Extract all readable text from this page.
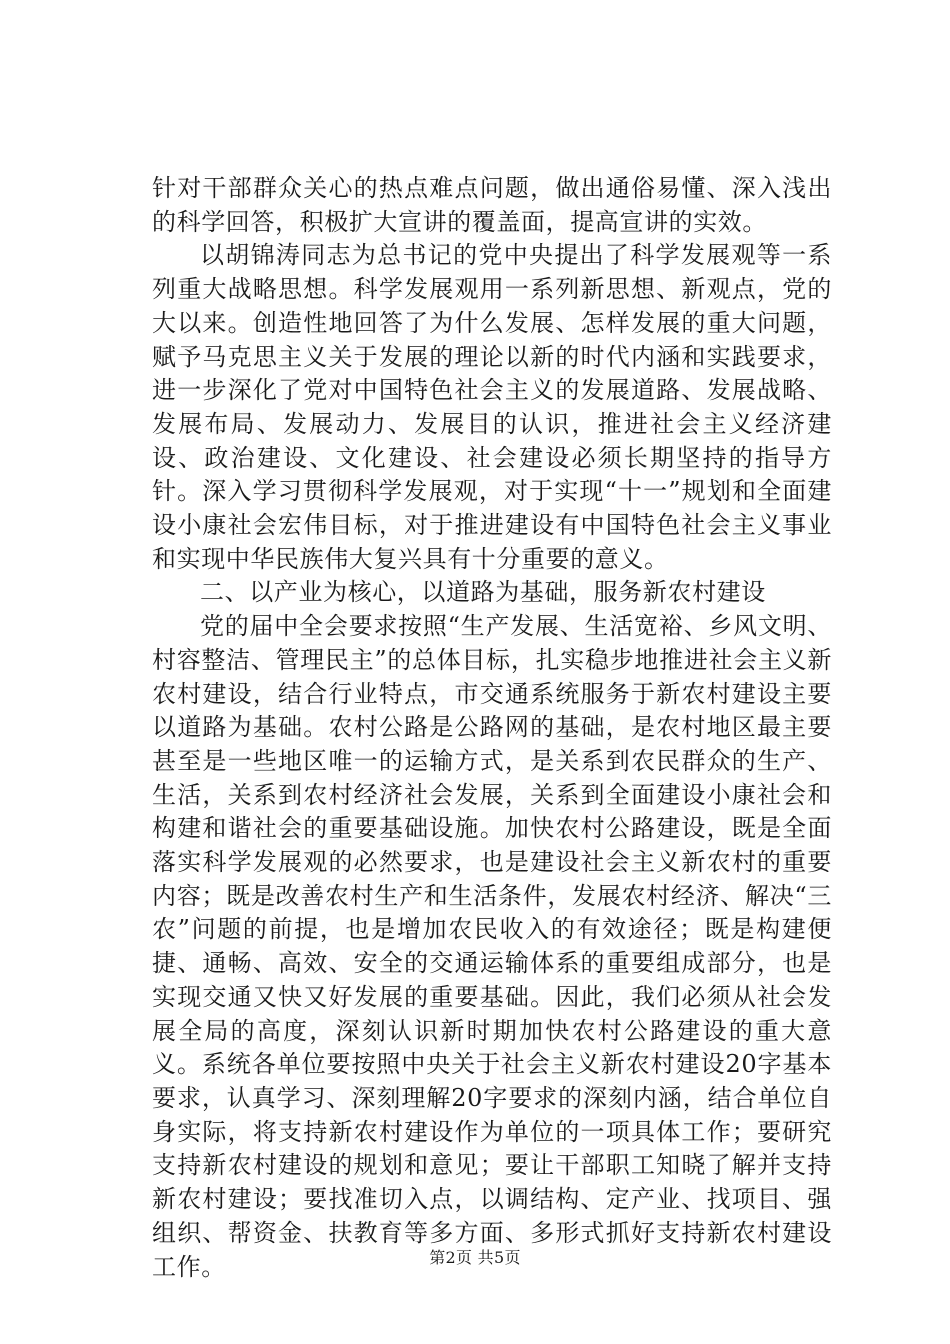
针对干部群众关心的热点难点问题，做出通俗易懂、深入浅出的科学回答，积极扩大宣讲的覆盖面，提高宣讲的实效。

以胡锦涛同志为总书记的党中央提出了科学发展观等一系列重大战略思想。科学发展观用一系列新思想、新观点，党的大以来。创造性地回答了为什么发展、怎样发展的重大问题，赋予马克思主义关于发展的理论以新的时代内涵和实践要求，进一步深化了党对中国特色社会主义的发展道路、发展战略、发展布局、发展动力、发展目的认识，推进社会主义经济建设、政治建设、文化建设、社会建设必须长期坚持的指导方针。深入学习贯彻科学发展观，对于实现“十一”规划和全面建设小康社会宏伟目标，对于推进建设有中国特色社会主义事业和实现中华民族伟大复兴具有十分重要的意义。

二、以产业为核心，以道路为基础，服务新农村建设

党的届中全会要求按照“生产发展、生活宽裕、乡风文明、村容整洁、管理民主”的总体目标，扎实稳步地推进社会主义新农村建设，结合行业特点，市交通系统服务于新农村建设主要以道路为基础。农村公路是公路网的基础，是农村地区最主要甚至是一些地区唯一的运输方式，是关系到农民群众的生产、生活，关系到农村经济社会发展，关系到全面建设小康社会和构建和谐社会的重要基础设施。加快农村公路建设，既是全面落实科学发展观的必然要求，也是建设社会主义新农村的重要内容；既是改善农村生产和生活条件，发展农村经济、解决“三农”问题的前提，也是增加农民收入的有效途径；既是构建便捷、通畅、高效、安全的交通运输体系的重要组成部分，也是实现交通又快又好发展的重要基础。因此，我们必须从社会发展全局的高度，深刻认识新时期加快农村公路建设的重大意义。系统各单位要按照中央关于社会主义新农村建设20字基本要求，认真学习、深刻理解20字要求的深刻内涵，结合单位自身实际，将支持新农村建设作为单位的一项具体工作；要研究支持新农村建设的规划和意见；要让干部职工知晓了解并支持新农村建设；要找准切入点，以调结构、定产业、找项目、强组织、帮资金、扶教育等多方面、多形式抓好支持新农村建设工作。	第2页 共5页
